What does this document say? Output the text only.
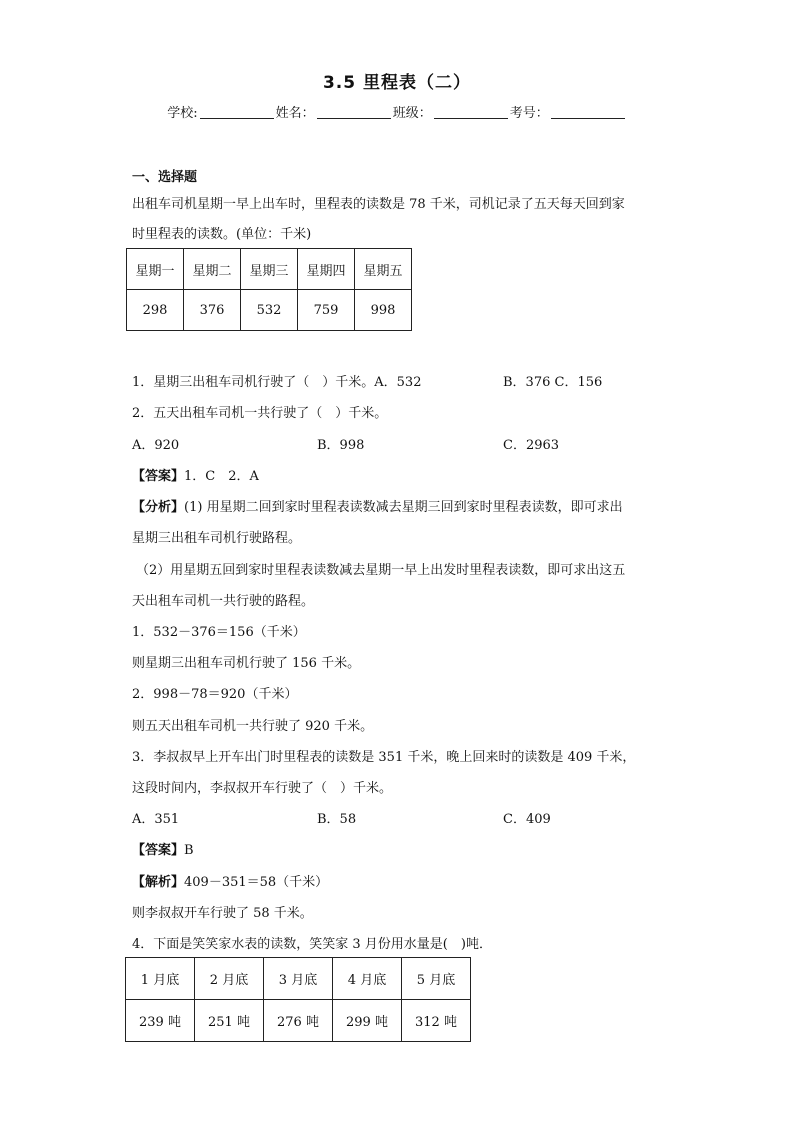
3.5 里程表（二）
学校:	姓名：	班级：	考号：
一、选择题
出租车司机星期一早上出车时，里程表的读数是 78 千米，司机记录了五天每天回到家
时里程表的读数。(单位：千米)
星期一	星期二	星期三	星期四	星期五
298	376	532	759	998
1．星期三出租车司机行驶了（　）千米。A．532	B．376 C．156
2．五天出租车司机一共行驶了（　）千米。
A．920	B．998	C．2963
【答案】1．C　2．A
【分析】(1) 用星期二回到家时里程表读数减去星期三回到家时里程表读数，即可求出
星期三出租车司机行驶路程。
（2）用星期五回到家时里程表读数减去星期一早上出发时里程表读数，即可求出这五
天出租车司机一共行驶的路程。
1．532－376＝156（千米）
则星期三出租车司机行驶了 156 千米。
2．998－78＝920（千米）
则五天出租车司机一共行驶了 920 千米。
3．李叔叔早上开车出门时里程表的读数是 351 千米，晚上回来时的读数是 409 千米，
这段时间内，李叔叔开车行驶了（　）千米。
A．351	B．58	C．409
【答案】B
【解析】409－351＝58（千米）
则李叔叔开车行驶了 58 千米。
4．下面是笑笑家水表的读数，笑笑家 3 月份用水量是(　)吨．
1 月底	2 月底	3 月底	4 月底	5 月底
239 吨	251 吨	276 吨	299 吨	312 吨
